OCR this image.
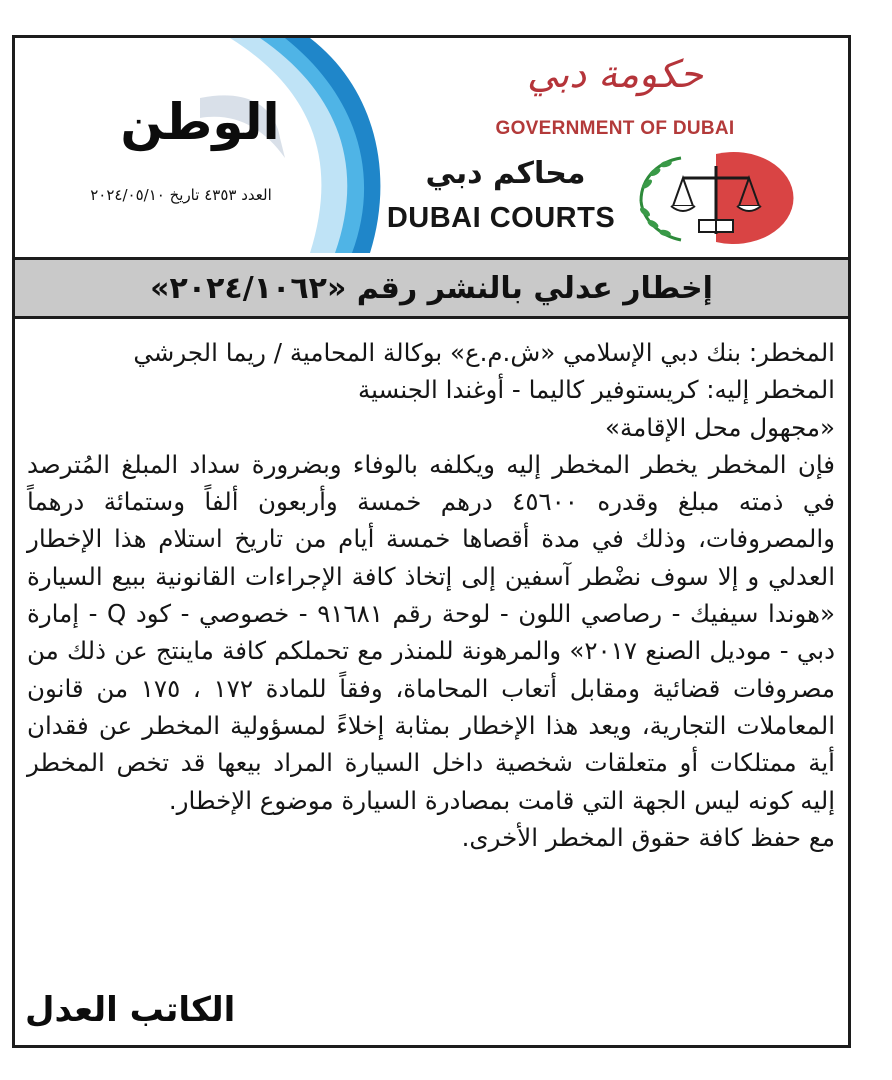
الوطن
العدد ٤٣٥٣ تاريخ ٢٠٢٤/٠٥/١٠
حكومة دبي
GOVERNMENT OF DUBAI
محاكم دبي
DUBAI COURTS
إخطار عدلي بالنشر رقم «٢٠٢٤/١٠٦٢»

المخطر: بنك دبي الإسلامي «ش.م.ع» بوكالة المحامية / ريما الجرشي

المخطر إليه: كريستوفير كاليما - أوغندا الجنسية

«مجهول محل الإقامة»

فإن المخطر يخطر المخطر إليه ويكلفه بالوفاء وبضرورة سداد المبلغ المُترصد في ذمته مبلغ وقدره ٤٥٦٠٠ درهم خمسة وأربعون ألفاً وستمائة درهماً والمصروفات، وذلك في مدة أقصاها خمسة أيام من تاريخ استلام هذا الإخطار العدلي و إلا سوف نضْطر آسفين إلى إتخاذ كافة الإجراءات القانونية ببيع السيارة «هوندا سيفيك - رصاصي اللون - لوحة رقم ٩١٦٨١ - خصوصي - كود Q - إمارة دبي - موديل الصنع ٢٠١٧» والمرهونة للمنذر مع تحملكم كافة ماينتج عن ذلك من مصروفات قضائية ومقابل أتعاب المحاماة، وفقاً للمادة ١٧٢ ، ١٧٥ من قانون المعاملات التجارية، ويعد هذا الإخطار بمثابة إخلاءً لمسؤولية المخطر عن فقدان أية ممتلكات أو متعلقات شخصية داخل السيارة المراد بيعها قد تخص المخطر إليه كونه ليس الجهة التي قامت بمصادرة السيارة موضوع الإخطار.

مع حفظ كافة حقوق المخطر الأخرى.

الكاتب العدل
